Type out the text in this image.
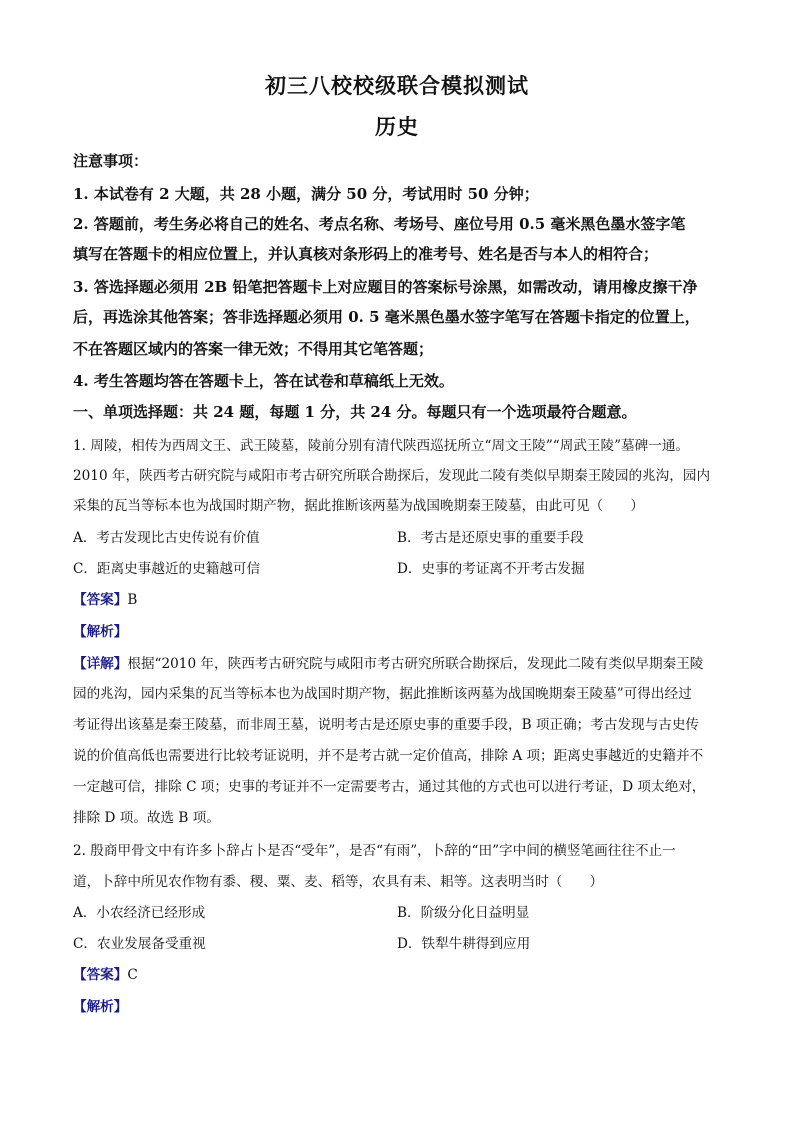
初三八校校级联合模拟测试
历史
注意事项：
1. 本试卷有 2 大题，共 28 小题，满分 50 分，考试用时 50 分钟；
2. 答题前，考生务必将自己的姓名、考点名称、考场号、座位号用 0.5 毫米黑色墨水签字笔
填写在答题卡的相应位置上，并认真核对条形码上的准考号、姓名是否与本人的相符合；
3. 答选择题必须用 2B 铅笔把答题卡上对应题目的答案标号涂黑，如需改动，请用橡皮擦干净
后，再选涂其他答案；答非选择题必须用 0. 5 毫米黑色墨水签字笔写在答题卡指定的位置上，
不在答题区域内的答案一律无效；不得用其它笔答题；
4. 考生答题均答在答题卡上，答在试卷和草稿纸上无效。
一、单项选择题：共 24 题，每题 1 分，共 24 分。每题只有一个选项最符合题意。
1. 周陵，相传为西周文王、武王陵墓，陵前分别有清代陕西巡抚所立“周文王陵”“周武王陵”墓碑一通。
2010 年，陕西考古研究院与咸阳市考古研究所联合勘探后，发现此二陵有类似早期秦王陵园的兆沟，园内
采集的瓦当等标本也为战国时期产物，据此推断该两墓为战国晚期秦王陵墓，由此可见（　　）
A．考古发现比古史传说有价值	B．考古是还原史事的重要手段
C．距离史事越近的史籍越可信	D．史事的考证离不开考古发掘
【答案】B
【解析】
【详解】根据“2010 年，陕西考古研究院与咸阳市考古研究所联合勘探后，发现此二陵有类似早期秦王陵
园的兆沟，园内采集的瓦当等标本也为战国时期产物，据此推断该两墓为战国晚期秦王陵墓”可得出经过
考证得出该墓是秦王陵墓，而非周王墓，说明考古是还原史事的重要手段，B 项正确；考古发现与古史传
说的价值高低也需要进行比较考证说明，并不是考古就一定价值高，排除 A 项；距离史事越近的史籍并不
一定越可信，排除 C 项；史事的考证并不一定需要考古，通过其他的方式也可以进行考证，D 项太绝对，
排除 D 项。故选 B 项。
2. 殷商甲骨文中有许多卜辞占卜是否“受年”，是否“有雨”，卜辞的“田”字中间的横竖笔画往往不止一
道，卜辞中所见农作物有黍、稷、粟、麦、稻等，农具有耒、耜等。这表明当时（　　）
A．小农经济已经形成	B．阶级分化日益明显
C．农业发展备受重视	D．铁犁牛耕得到应用
【答案】C
【解析】
